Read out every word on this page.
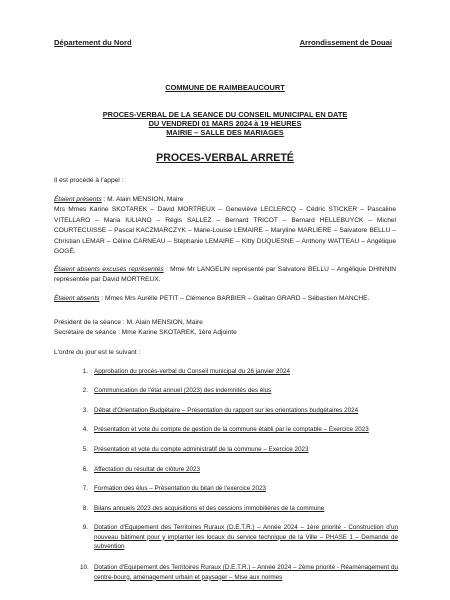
Département du Nord	Arrondissement de Douai
COMMUNE DE RAIMBEAUCOURT
PROCES-VERBAL DE LA SEANCE DU CONSEIL MUNICIPAL EN DATE
DU VENDREDI 01 MARS 2024 à 19 HEURES
MAIRIE – SALLE DES MARIAGES
PROCES-VERBAL ARRETÉ
Il est procédé à l'appel :
Étaient présents : M. Alain MENSION, Maire
Mrs Mmes Karine SKOTAREK – David MORTREUX – Geneviève LECLERCQ – Cédric STICKER – Pascaline VITELLARO – Maria IULIANO – Régis SALLEZ – Bernard TRICOT – Bernard HELLEBUYCK – Michel COURTECUISSE – Pascal KACZMARCZYK – Marie-Louise LEMAIRE – Maryline MARLIERE – Salvatore BELLU – Christian LEMAR – Céline CARNEAU – Stéphanie LEMAIRE – Kitty DUQUESNE – Anthony WATTEAU – Angélique GOGÉ.
Étaient absents excusés représentés : Mme Mr LANGELIN représenté par Salvatore BELLU – Angélique DHINNIN représentée par David MORTREUX.
Étaient absents : Mmes Mrs Aurélie PETIT – Clémence BARBIER – Gaëtan GRARD – Sébastien MANCHE.
Président de la séance : M. Alain MENSION, Maire
Secrétaire de séance : Mme Karine SKOTAREK, 1ère Adjointe
L'ordre du jour est le suivant :
1. Approbation du procès-verbal du Conseil municipal du 26 janvier 2024
2. Communication de l'état annuel (2023) des indemnités des élus
3. Débat d'Orientation Budgétaire – Présentation du rapport sur les orientations budgétaires 2024
4. Présentation et vote du compte de gestion de la commune établi par le comptable – Exercice 2023
5. Présentation et vote du compte administratif de la commune – Exercice 2023
6. Affectation du résultat de clôture 2023
7. Formation des élus – Présentation du bilan de l'exercice 2023
8. Bilans annuels 2023 des acquisitions et des cessions immobilières de la commune
9. Dotation d'Equipement des Territoires Ruraux (D.E.T.R.) – Année 2024 – 1ère priorité - Construction d'un nouveau bâtiment pour y implanter les locaux du service technique de la Ville – PHASE 1 – Demande de subvention
10. Dotation d'Equipement des Territoires Ruraux (D.E.T.R.) – Année 2024 – 2ème priorité - Réaménagement du centre-bourg, aménagement urbain et paysager – Mise aux normes
